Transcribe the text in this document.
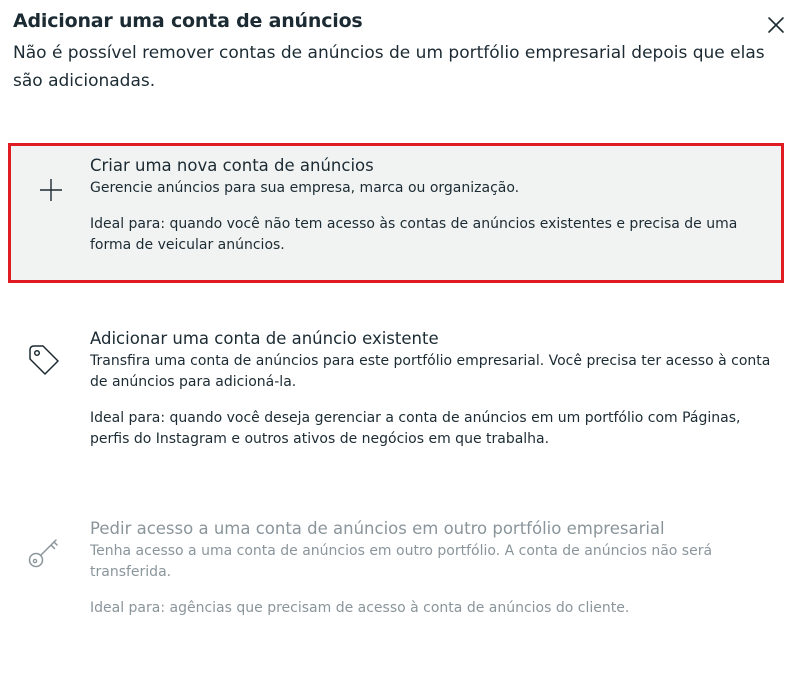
Adicionar uma conta de anúncios
Não é possível remover contas de anúncios de um portfólio empresarial depois que elas são adicionadas.
Criar uma nova conta de anúncios
Gerencie anúncios para sua empresa, marca ou organização.
Ideal para: quando você não tem acesso às contas de anúncios existentes e precisa de uma forma de veicular anúncios.
Adicionar uma conta de anúncio existente
Transfira uma conta de anúncios para este portfólio empresarial. Você precisa ter acesso à conta de anúncios para adicioná-la.
Ideal para: quando você deseja gerenciar a conta de anúncios em um portfólio com Páginas, perfis do Instagram e outros ativos de negócios em que trabalha.
Pedir acesso a uma conta de anúncios em outro portfólio empresarial
Tenha acesso a uma conta de anúncios em outro portfólio. A conta de anúncios não será transferida.
Ideal para: agências que precisam de acesso à conta de anúncios do cliente.
